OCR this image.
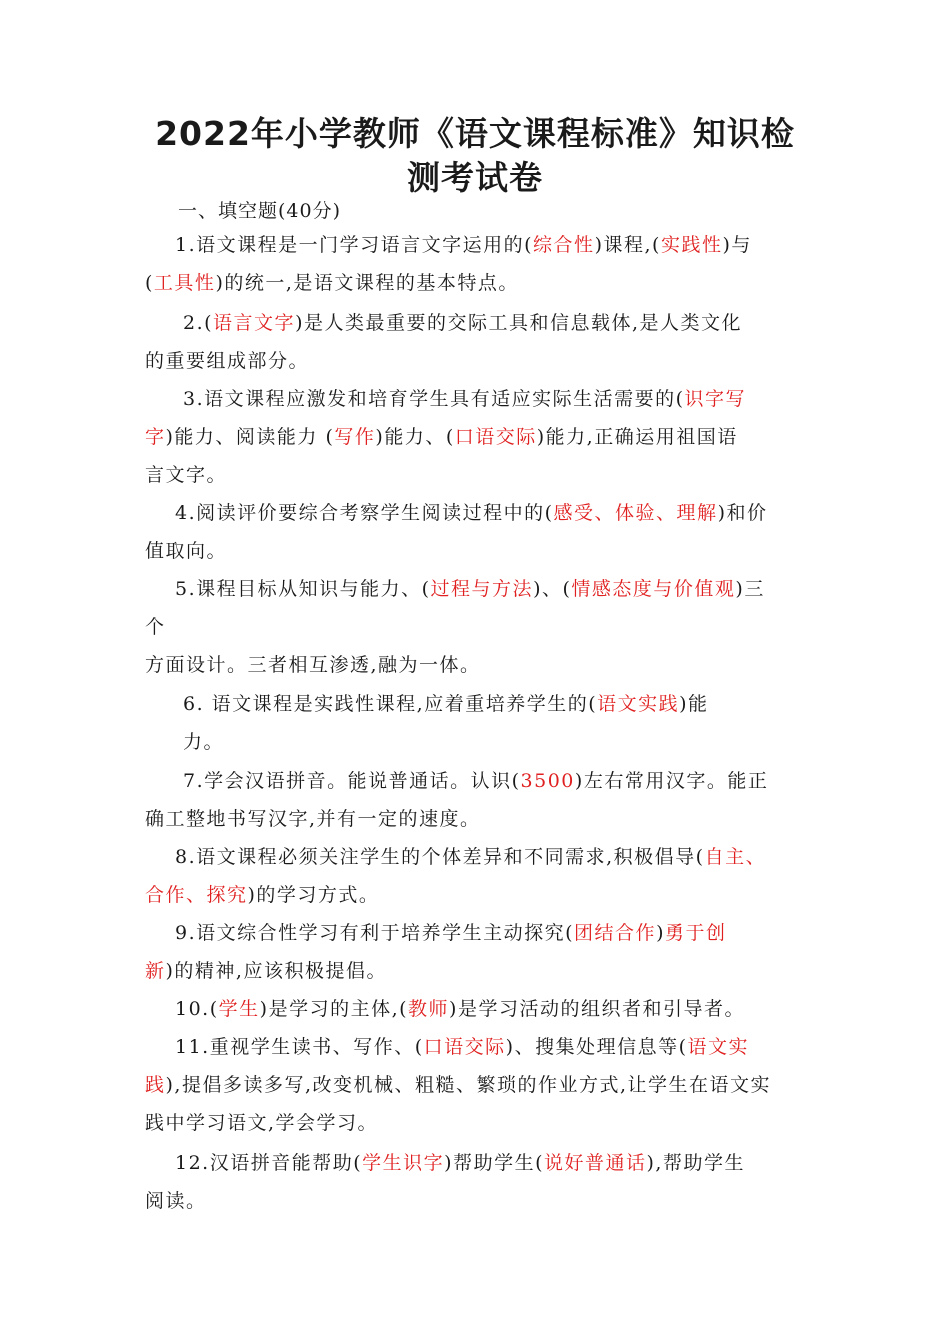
2022年小学教师《语文课程标准》知识检
测考试卷
一、填空题(40分)
1.语文课程是一门学习语言文字运用的(综合性)课程,(实践性)与
(工具性)的统一,是语文课程的基本特点。
2.(语言文字)是人类最重要的交际工具和信息载体,是人类文化
的重要组成部分。
3.语文课程应激发和培育学生具有适应实际生活需要的(识字写
字)能力、阅读能力 (写作)能力、(口语交际)能力,正确运用祖国语
言文字。
4.阅读评价要综合考察学生阅读过程中的(感受、体验、理解)和价
值取向。
5.课程目标从知识与能力、(过程与方法)、(情感态度与价值观)三
个
方面设计。三者相互渗透,融为一体。
6. 语文课程是实践性课程,应着重培养学生的(语文实践)能
力。
7.学会汉语拼音。能说普通话。认识(3500)左右常用汉字。能正
确工整地书写汉字,并有一定的速度。
8.语文课程必须关注学生的个体差异和不同需求,积极倡导(自主、
合作、探究)的学习方式。
9.语文综合性学习有利于培养学生主动探究(团结合作)勇于创
新)的精神,应该积极提倡。
10.(学生)是学习的主体,(教师)是学习活动的组织者和引导者。
11.重视学生读书、写作、(口语交际)、搜集处理信息等(语文实
践),提倡多读多写,改变机械、粗糙、繁琐的作业方式,让学生在语文实
践中学习语文,学会学习。
12.汉语拼音能帮助(学生识字)帮助学生(说好普通话),帮助学生
阅读。
